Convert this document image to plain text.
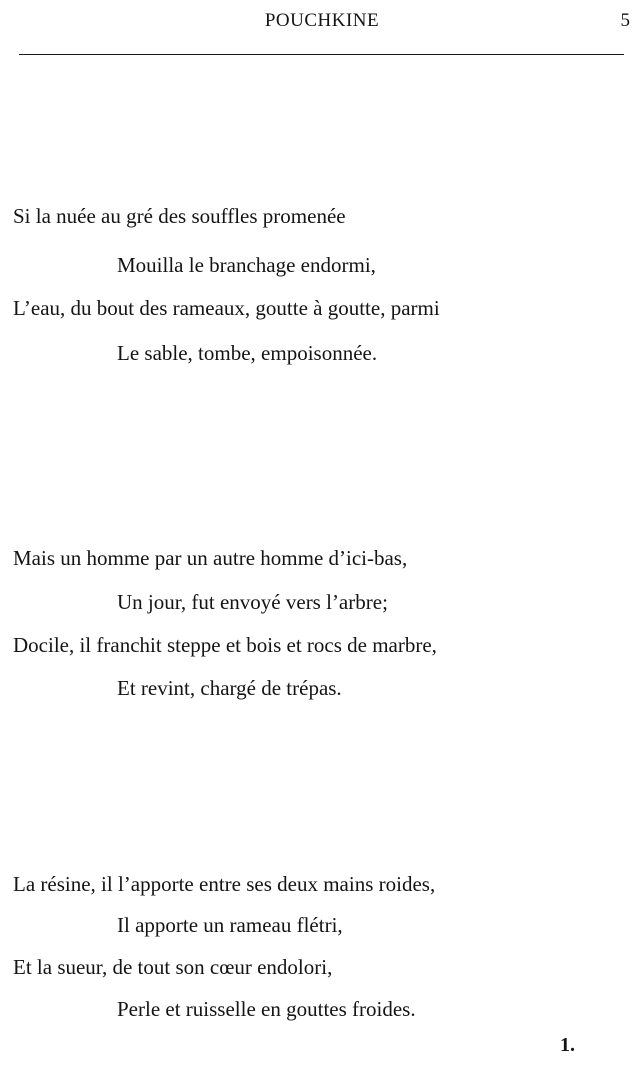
POUCHKINE	5
Si la nuée au gré des souffles promenée
Mouilla le branchage endormi,
L’eau, du bout des rameaux, goutte à goutte, parmi
Le sable, tombe, empoisonnée.
Mais un homme par un autre homme d’ici-bas,
Un jour, fut envoyé vers l’arbre;
Docile, il franchit steppe et bois et rocs de marbre,
Et revint, chargé de trépas.
La résine, il l’apporte entre ses deux mains roides,
Il apporte un rameau flétri,
Et la sueur, de tout son cœur endolori,
Perle et ruisselle en gouttes froides.
1.
